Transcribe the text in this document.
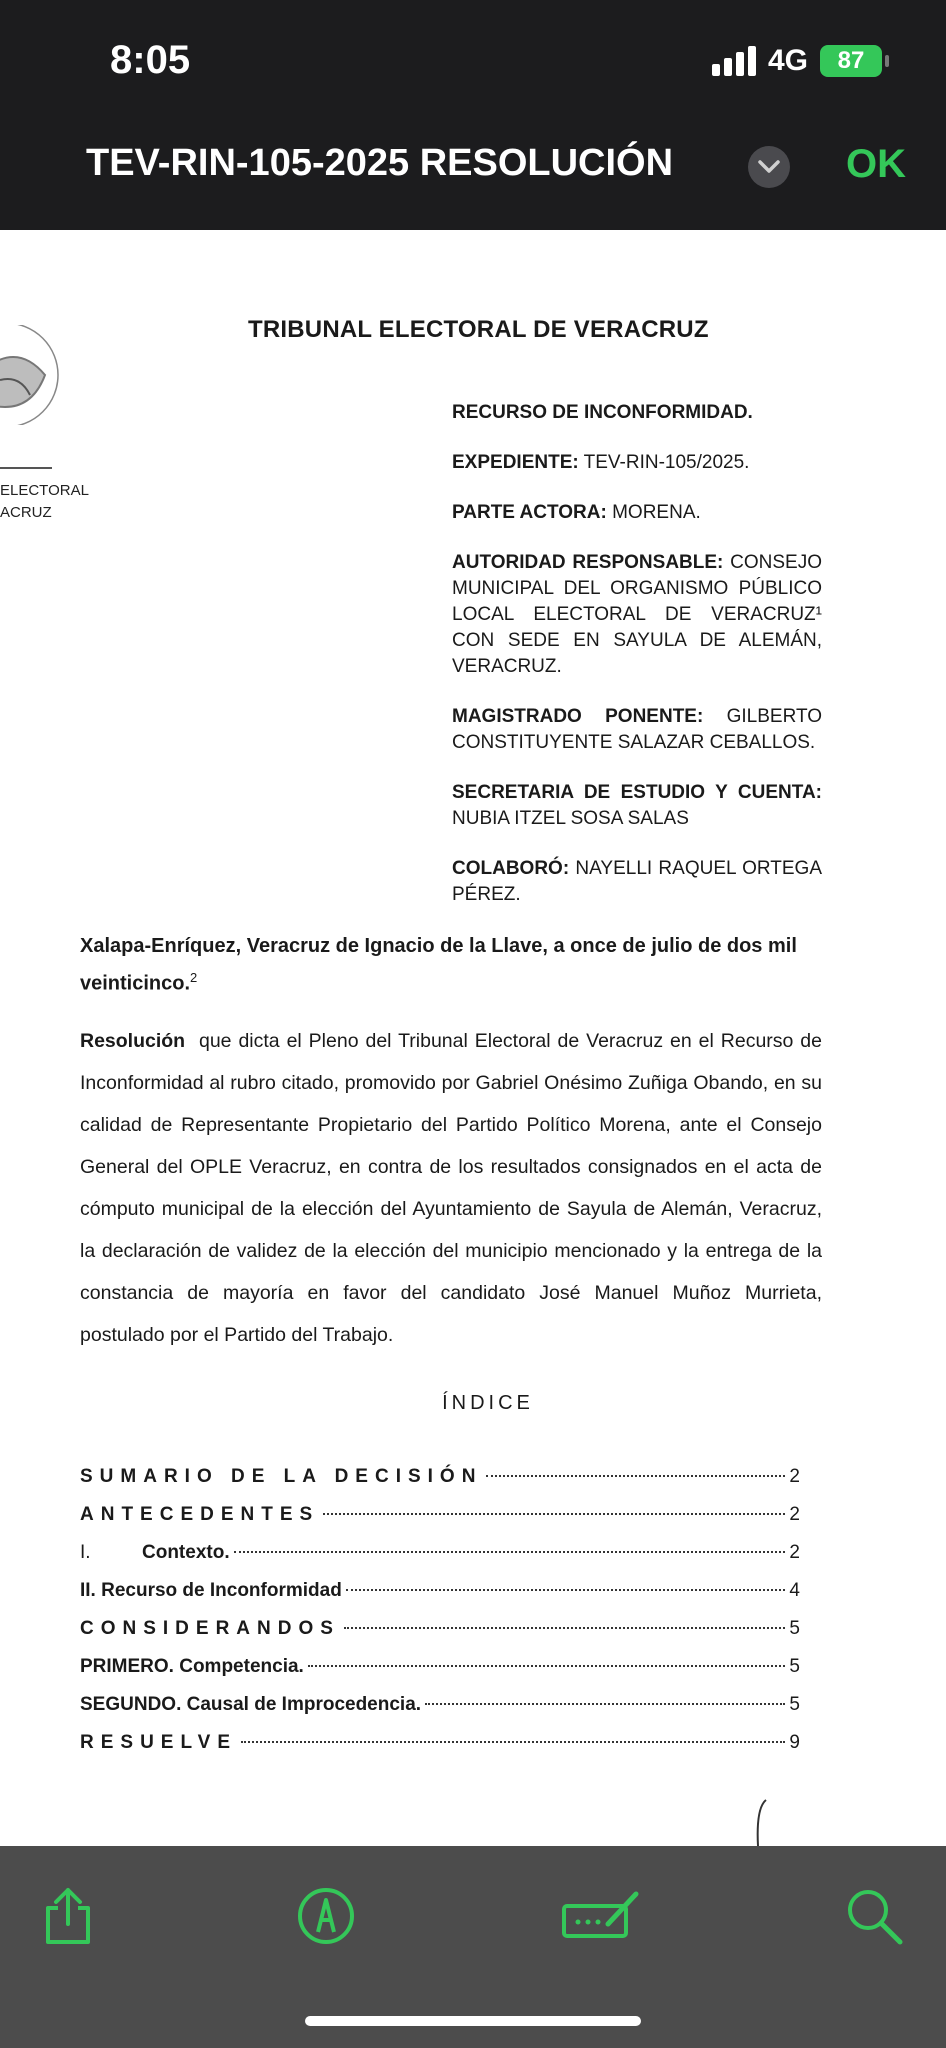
8:05	4G 87
TEV-RIN-105-2025 RESOLUCIÓN	OK
ELECTORAL
ACRUZ
TRIBUNAL ELECTORAL DE VERACRUZ

RECURSO DE INCONFORMIDAD.

EXPEDIENTE: TEV-RIN-105/2025.

PARTE ACTORA: MORENA.

AUTORIDAD RESPONSABLE: CONSEJO MUNICIPAL DEL ORGANISMO PÚBLICO LOCAL ELECTORAL DE VERACRUZ¹ CON SEDE EN SAYULA DE ALEMÁN, VERACRUZ.

MAGISTRADO PONENTE: GILBERTO CONSTITUYENTE SALAZAR CEBALLOS.

SECRETARIA DE ESTUDIO Y CUENTA: NUBIA ITZEL SOSA SALAS

COLABORÓ: NAYELLI RAQUEL ORTEGA PÉREZ.

Xalapa-Enríquez, Veracruz de Ignacio de la Llave, a once de julio de dos mil veinticinco.$^2$
Resolución que dicta el Pleno del Tribunal Electoral de Veracruz en el Recurso de Inconformidad al rubro citado, promovido por Gabriel Onésimo Zuñiga Obando, en su calidad de Representante Propietario del Partido Político Morena, ante el Consejo General del OPLE Veracruz, en contra de los resultados consignados en el acta de cómputo municipal de la elección del Ayuntamiento de Sayula de Alemán, Veracruz, la declaración de validez de la elección del municipio mencionado y la entrega de la constancia de mayoría en favor del candidato José Manuel Muñoz Murrieta, postulado por el Partido del Trabajo.
ÍNDICE
SUMARIO DE LA DECISIÓN	2
ANTECEDENTES	2
I.	Contexto.	2
II. Recurso de Inconformidad	4
CONSIDERANDOS	5
PRIMERO. Competencia.	5
SEGUNDO. Causal de Improcedencia.	5
RESUELVE	9
